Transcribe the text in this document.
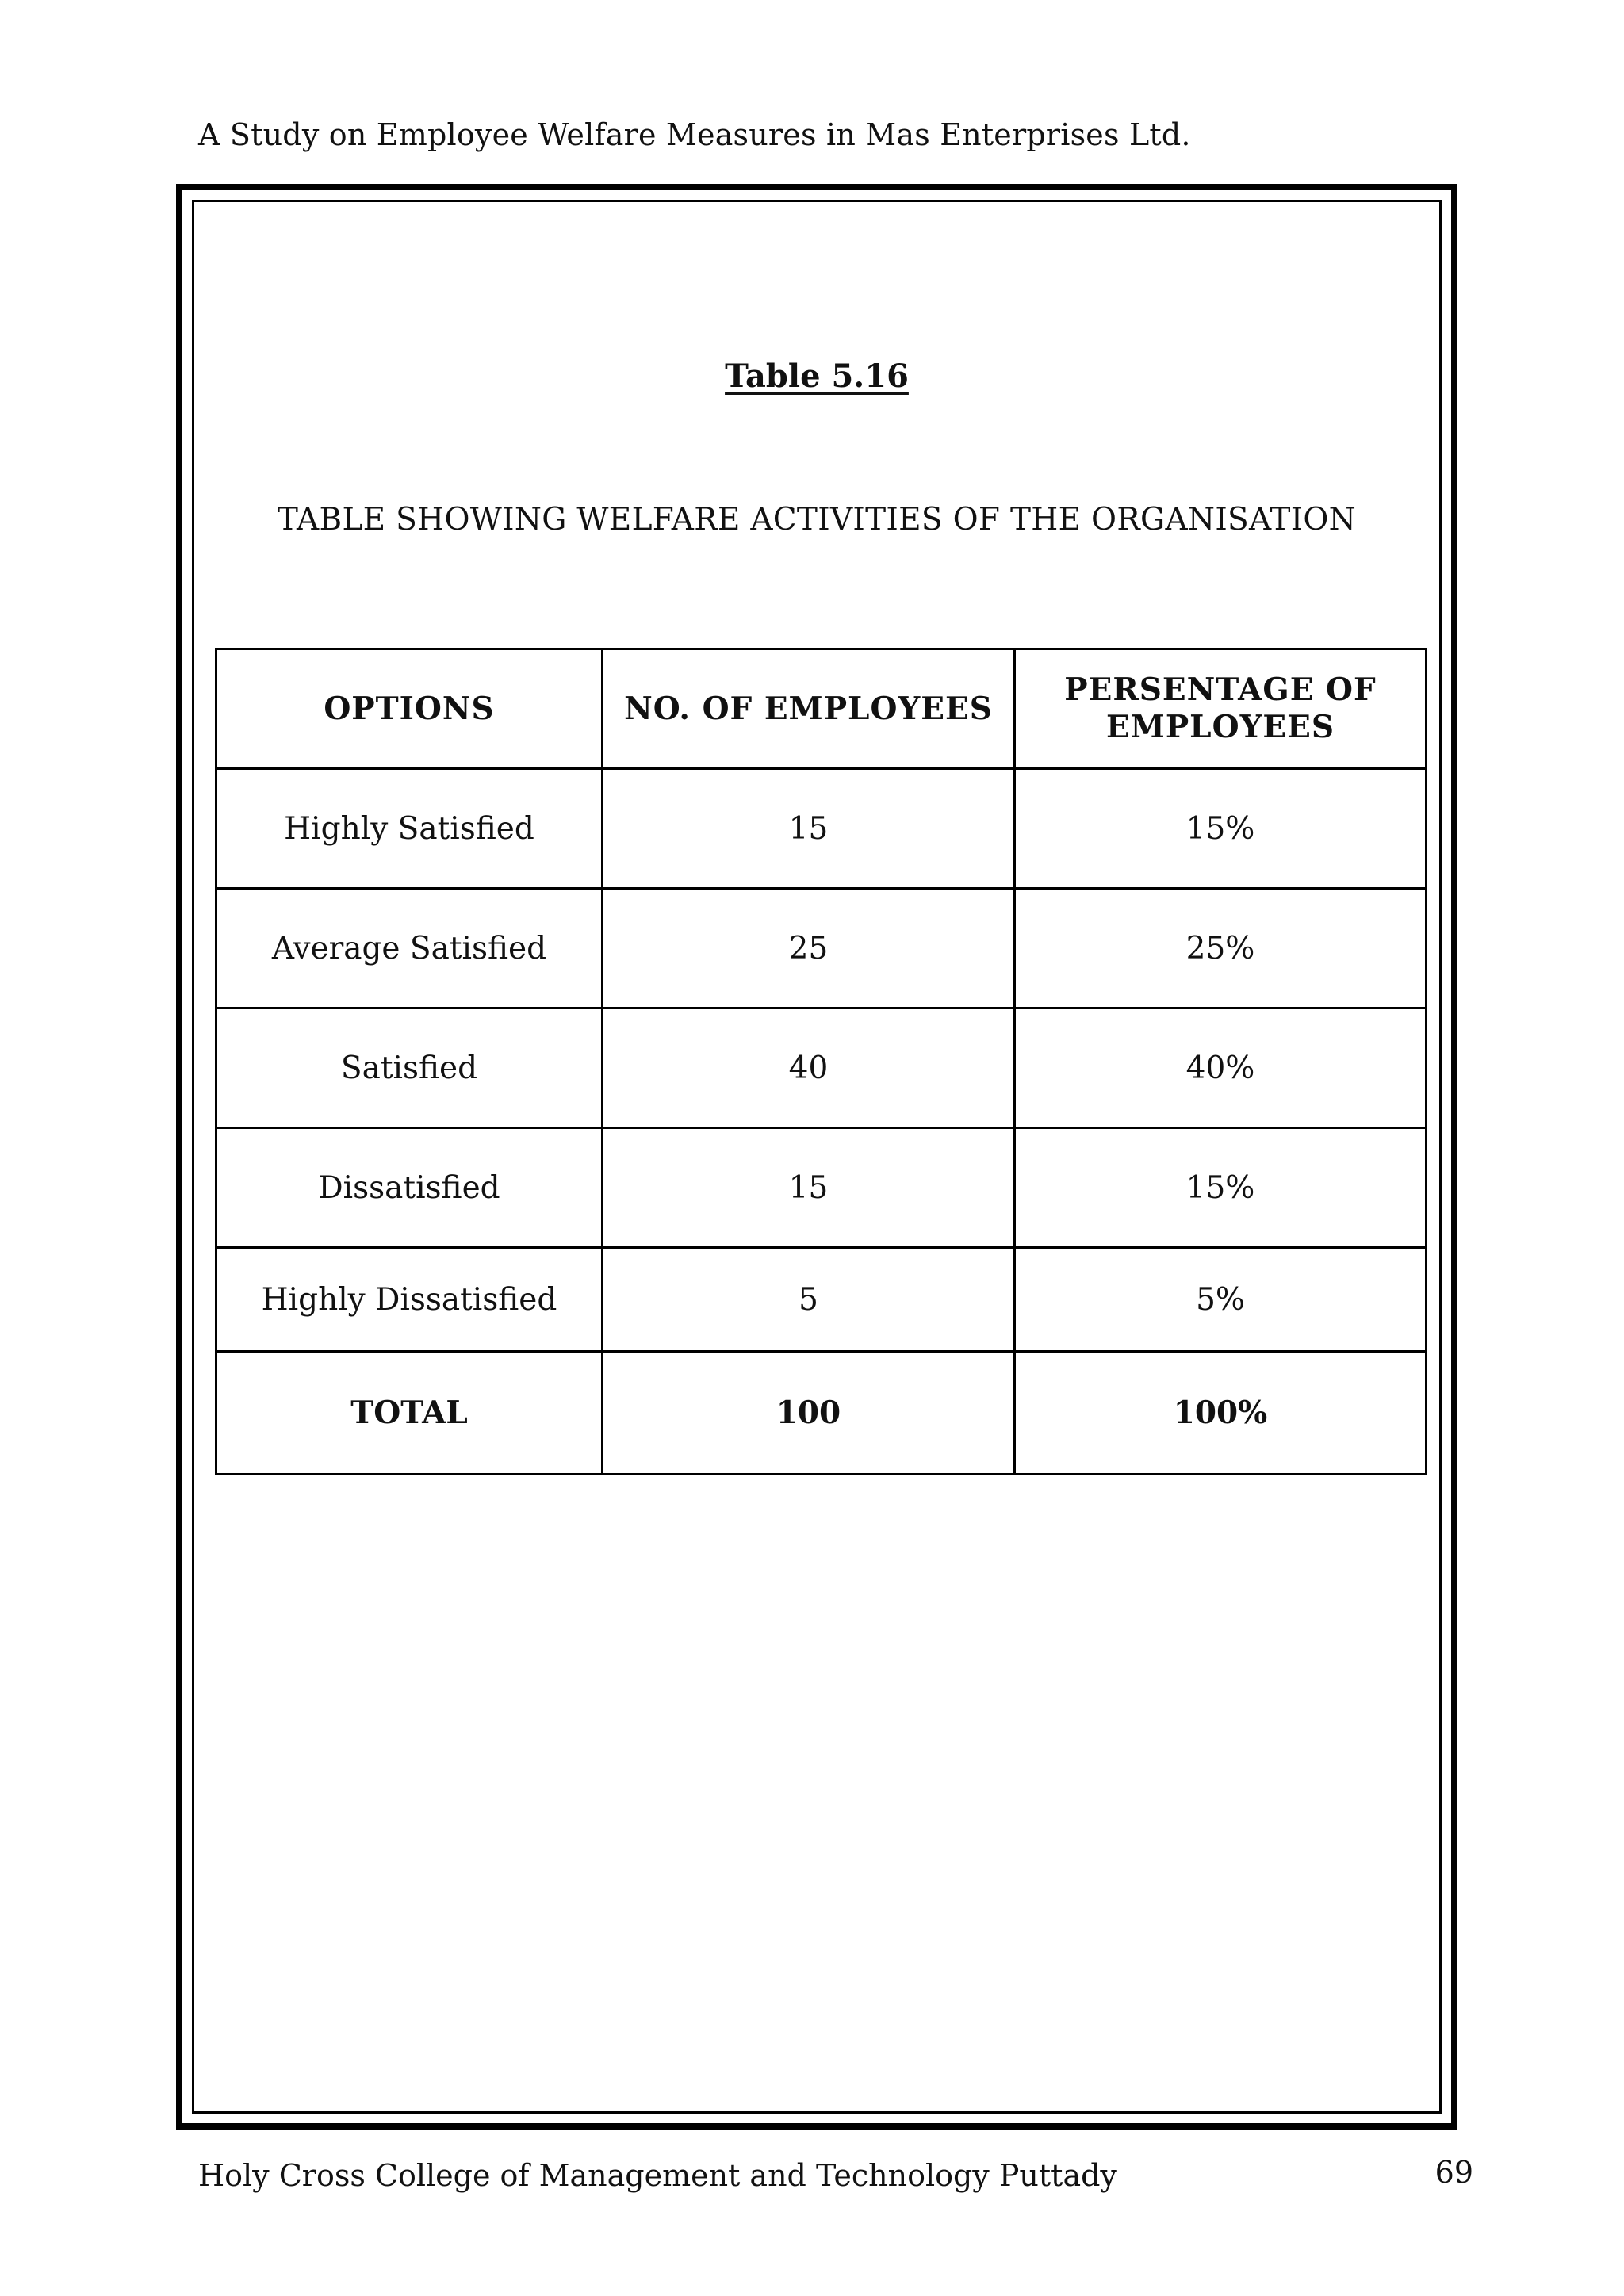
A Study on Employee Welfare Measures in Mas Enterprises Ltd.
Table 5.16
TABLE SHOWING WELFARE ACTIVITIES OF THE ORGANISATION
OPTIONS	NO. OF EMPLOYEES	PERSENTAGE OF EMPLOYEES
Highly Satisfied	15	15%
Average Satisfied	25	25%
Satisfied	40	40%
Dissatisfied	15	15%
Highly Dissatisfied	5	5%
TOTAL	100	100%
Holy Cross College of Management and Technology Puttady	69
